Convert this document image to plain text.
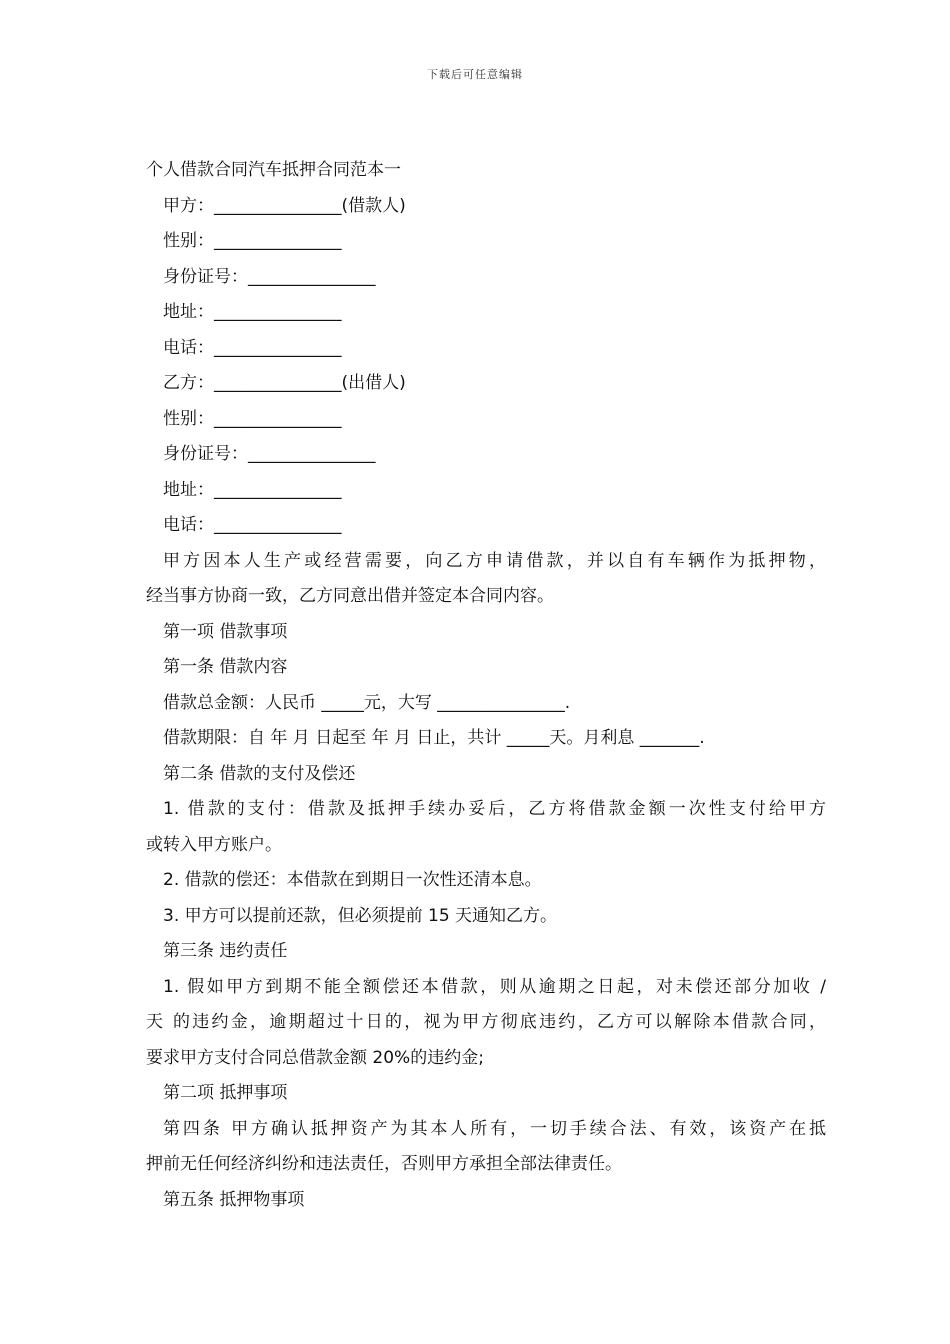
下载后可任意编辑
个人借款合同汽车抵押合同范本一
甲方：_______________(借款人)
性别：_______________
身份证号：_______________
地址：_______________
电话：_______________
乙方：_______________(出借人)
性别：_______________
身份证号：_______________
地址：_______________
电话：_______________
甲方因本人生产或经营需要，向乙方申请借款，并以自有车辆作为抵押物，
经当事方协商一致，乙方同意出借并签定本合同内容。
第一项 借款事项
第一条 借款内容
借款总金额：人民币 _____元，大写 _______________.
借款期限：自 年 月 日起至 年 月 日止，共计 _____天。月利息 _______.
第二条 借款的支付及偿还
1. 借款的支付：借款及抵押手续办妥后，乙方将借款金额一次性支付给甲方
或转入甲方账户。
2. 借款的偿还：本借款在到期日一次性还清本息。
3. 甲方可以提前还款，但必须提前 15 天通知乙方。
第三条 违约责任
1. 假如甲方到期不能全额偿还本借款，则从逾期之日起，对未偿还部分加收 /
天 的违约金，逾期超过十日的，视为甲方彻底违约，乙方可以解除本借款合同，
要求甲方支付合同总借款金额 20%的违约金;
第二项 抵押事项
第四条 甲方确认抵押资产为其本人所有，一切手续合法、有效，该资产在抵
押前无任何经济纠纷和违法责任，否则甲方承担全部法律责任。
第五条 抵押物事项
